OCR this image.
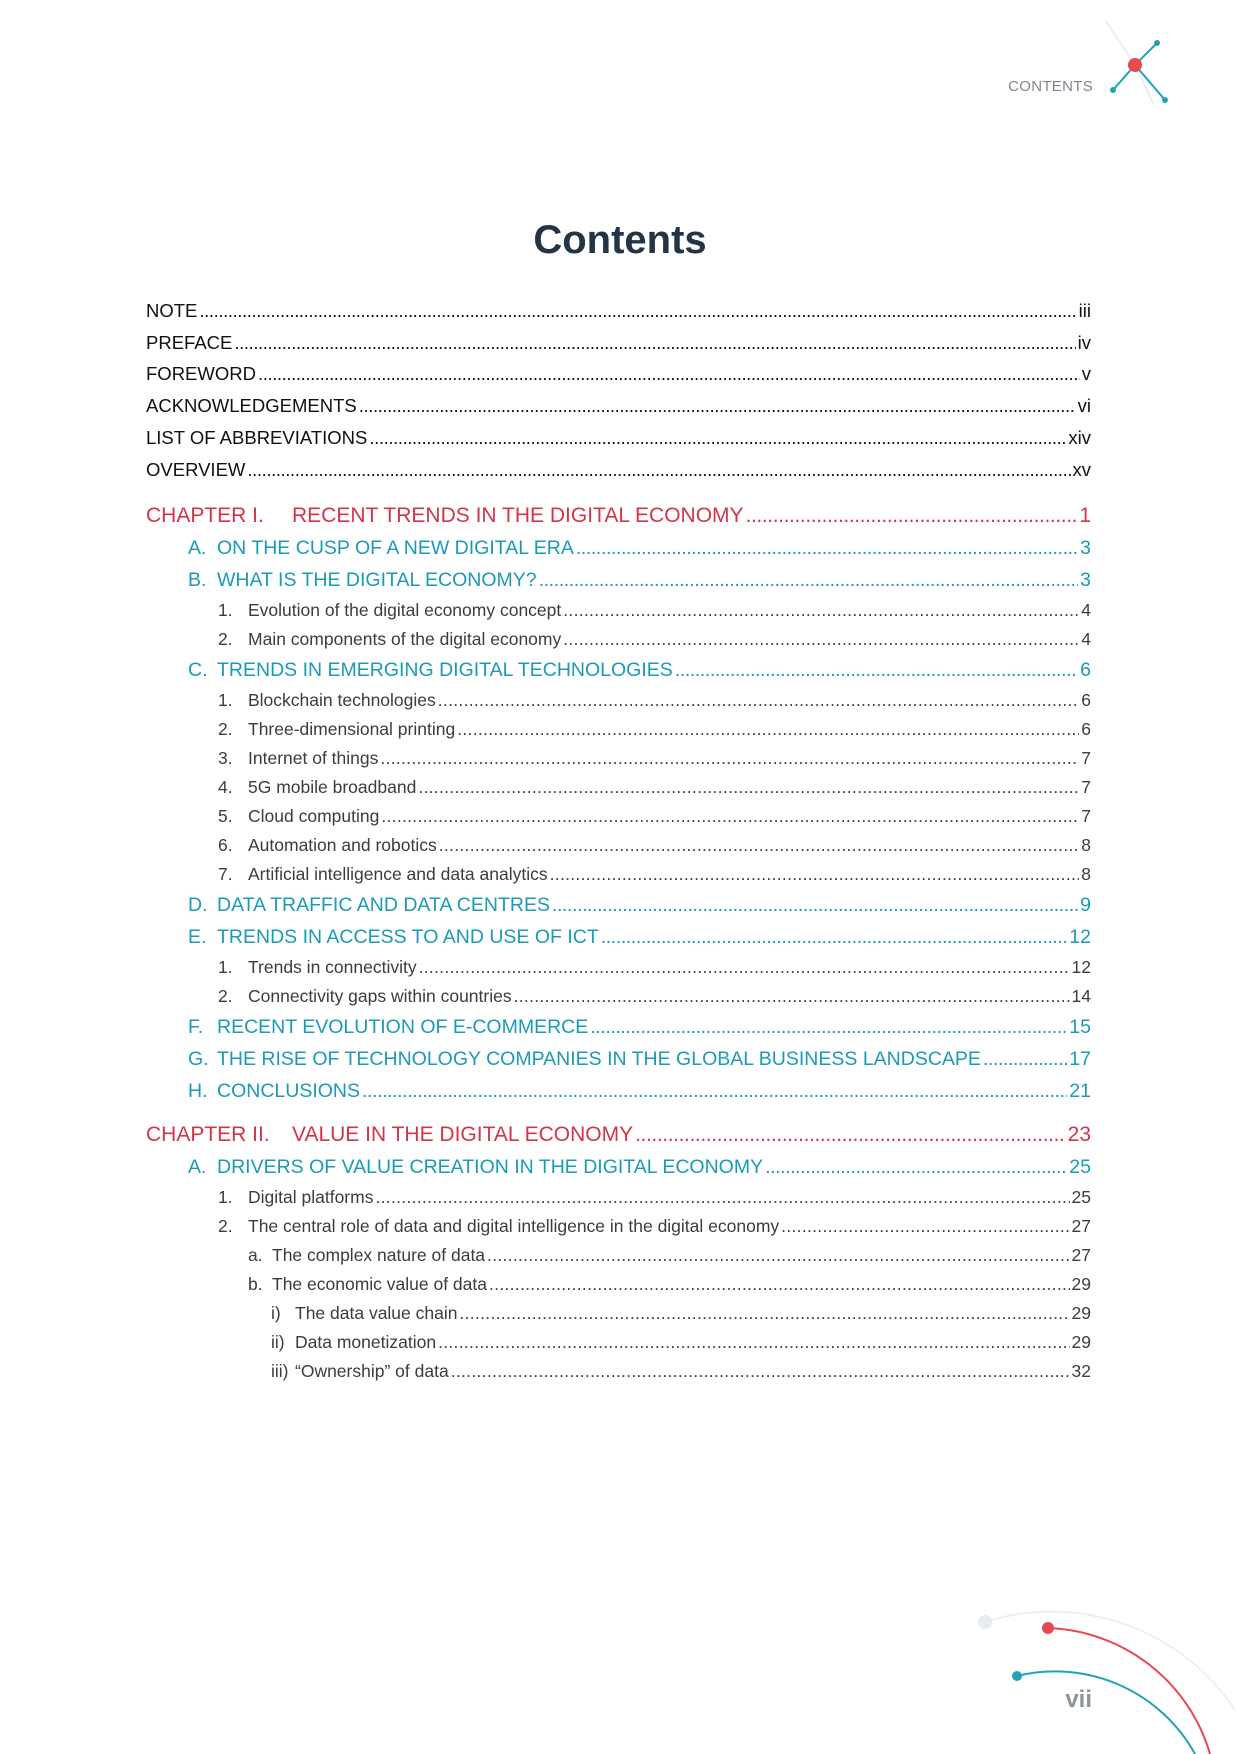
CONTENTS
Contents
NOTE .....	iii
PREFACE .....	iv
FOREWORD .....	v
ACKNOWLEDGEMENTS .....	vi
LIST OF ABBREVIATIONS .....	xiv
OVERVIEW .....	xv
CHAPTER I.	RECENT TRENDS IN THE DIGITAL ECONOMY .....	1
A. ON THE CUSP OF A NEW DIGITAL ERA .....	3
B. WHAT IS THE DIGITAL ECONOMY? .....	3
1. Evolution of the digital economy concept .....	4
2. Main components of the digital economy .....	4
C. TRENDS IN EMERGING DIGITAL TECHNOLOGIES .....	6
1. Blockchain technologies .....	6
2. Three-dimensional printing .....	6
3. Internet of things .....	7
4. 5G mobile broadband .....	7
5. Cloud computing .....	7
6. Automation and robotics .....	8
7. Artificial intelligence and data analytics .....	8
D. DATA TRAFFIC AND DATA CENTRES .....	9
E. TRENDS IN ACCESS TO AND USE OF ICT .....	12
1. Trends in connectivity .....	12
2. Connectivity gaps within countries .....	14
F. RECENT EVOLUTION OF E-COMMERCE .....	15
G. THE RISE OF TECHNOLOGY COMPANIES IN THE GLOBAL BUSINESS LANDSCAPE .....	17
H. CONCLUSIONS .....	21
CHAPTER II.	VALUE IN THE DIGITAL ECONOMY .....	23
A. DRIVERS OF VALUE CREATION IN THE DIGITAL ECONOMY .....	25
1. Digital platforms .....	25
2. The central role of data and digital intelligence in the digital economy .....	27
a. The complex nature of data .....	27
b. The economic value of data .....	29
i) The data value chain .....	29
ii) Data monetization .....	29
iii) “Ownership” of data .....	32
vii
